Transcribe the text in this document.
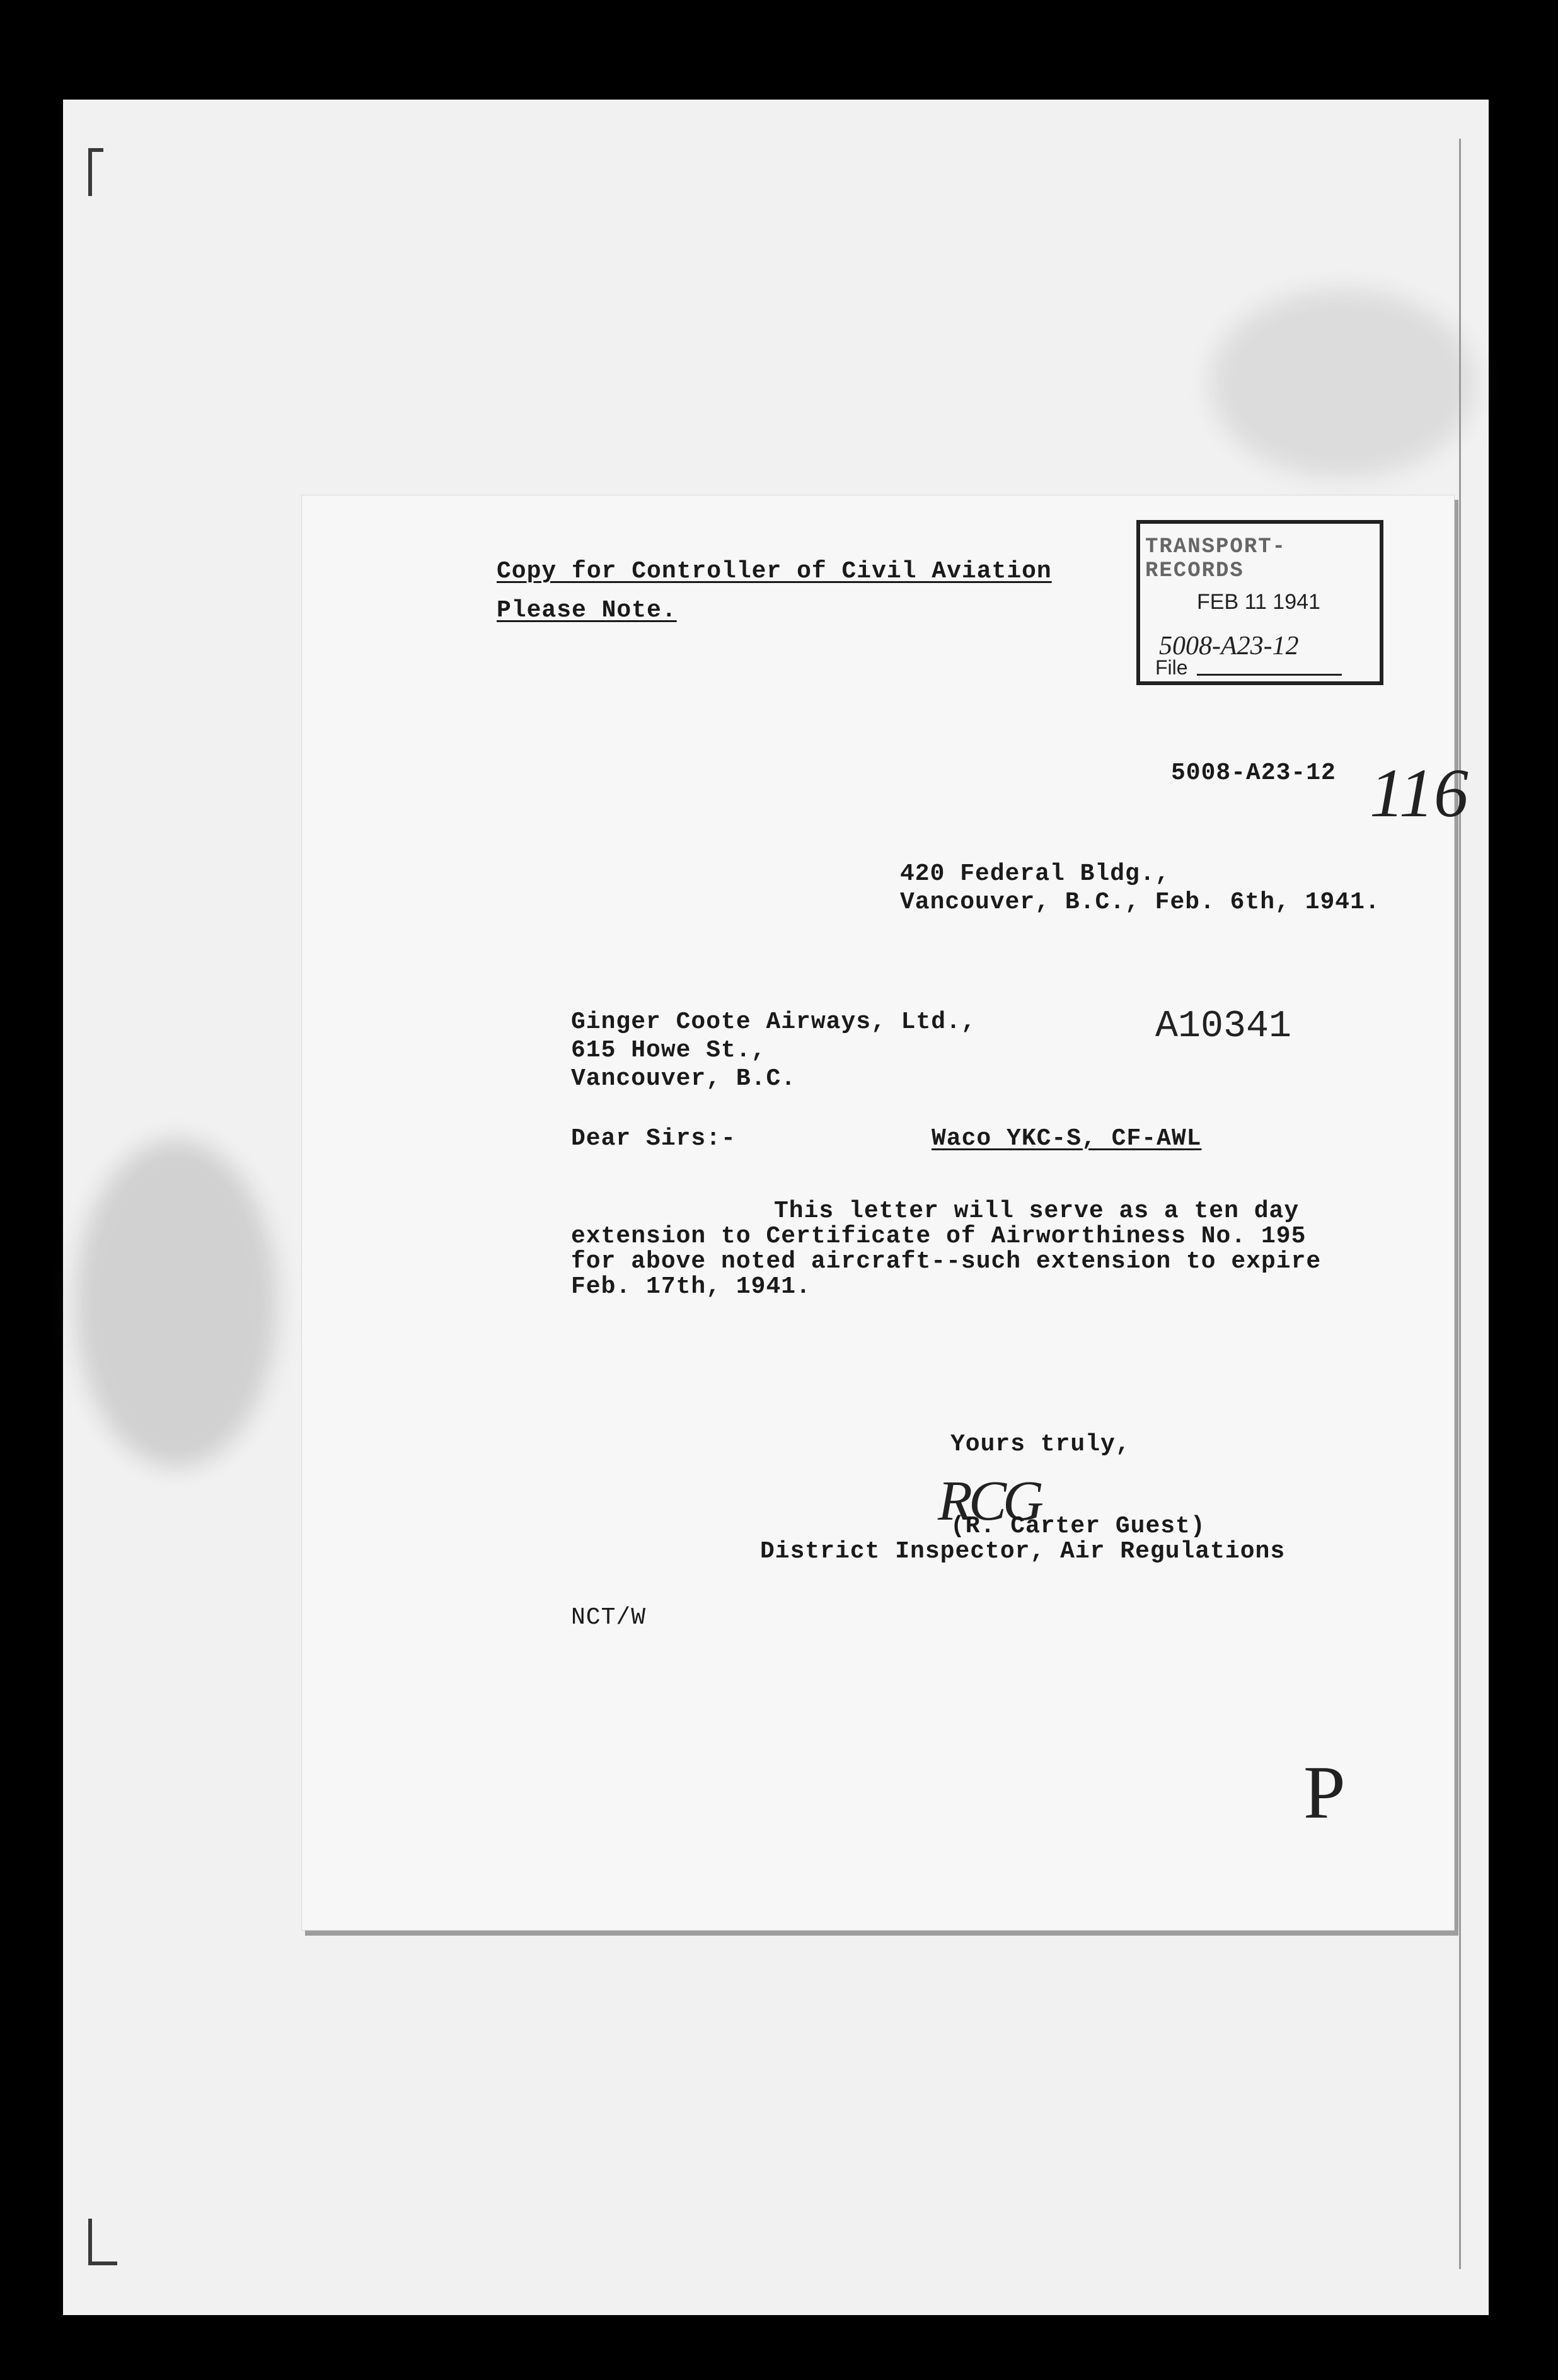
Copy for Controller of Civil Aviation
Please Note.
TRANSPORT-RECORDS
FEB 11 1941
5008-A23-12
File
5008-A23-12 116
420 Federal Bldg.,
Vancouver, B.C., Feb. 6th, 1941.
Ginger Coote Airways, Ltd.,
615 Howe St.,
Vancouver, B.C.
A10341
Dear Sirs:-	Waco YKC-S, CF-AWL
This letter will serve as a ten day
extension to Certificate of Airworthiness No. 195
for above noted aircraft--such extension to expire
Feb. 17th, 1941.
Yours truly,
RCG
(R. Carter Guest)
District Inspector, Air Regulations
NCT/W
P
